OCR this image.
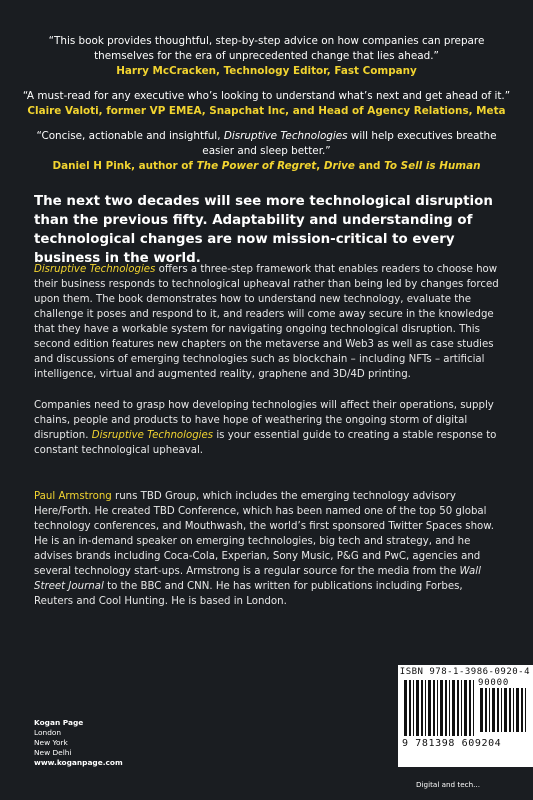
“This book provides thoughtful, step-by-step advice on how companies can prepare themselves for the era of unprecedented change that lies ahead.”
Harry McCracken, Technology Editor, Fast Company
“A must-read for any executive who’s looking to understand what’s next and get ahead of it.”
Claire Valoti, former VP EMEA, Snapchat Inc, and Head of Agency Relations, Meta
“Concise, actionable and insightful, Disruptive Technologies will help executives breathe easier and sleep better.”
Daniel H Pink, author of The Power of Regret, Drive and To Sell is Human
The next two decades will see more technological disruption than the previous fifty. Adaptability and understanding of technological changes are now mission-critical to every business in the world.
Disruptive Technologies offers a three-step framework that enables readers to choose how their business responds to technological upheaval rather than being led by changes forced upon them. The book demonstrates how to understand new technology, evaluate the challenge it poses and respond to it, and readers will come away secure in the knowledge that they have a workable system for navigating ongoing technological disruption. This second edition features new chapters on the metaverse and Web3 as well as case studies and discussions of emerging technologies such as blockchain – including NFTs – artificial intelligence, virtual and augmented reality, graphene and 3D/4D printing.
Companies need to grasp how developing technologies will affect their operations, supply chains, people and products to have hope of weathering the ongoing storm of digital disruption. Disruptive Technologies is your essential guide to creating a stable response to constant technological upheaval.
Paul Armstrong runs TBD Group, which includes the emerging technology advisory Here/Forth. He created TBD Conference, which has been named one of the top 50 global technology conferences, and Mouthwash, the world’s first sponsored Twitter Spaces show. He is an in-demand speaker on emerging technologies, big tech and strategy, and he advises brands including Coca-Cola, Experian, Sony Music, P&G and PwC, agencies and several technology start-ups. Armstrong is a regular source for the media from the Wall Street Journal to the BBC and CNN. He has written for publications including Forbes, Reuters and Cool Hunting. He is based in London.
Kogan Page
London
New York
New Delhi
www.koganpage.com
ISBN 978-1-3986-0920-4
90000
9 781398 609204
Digital and tech...
